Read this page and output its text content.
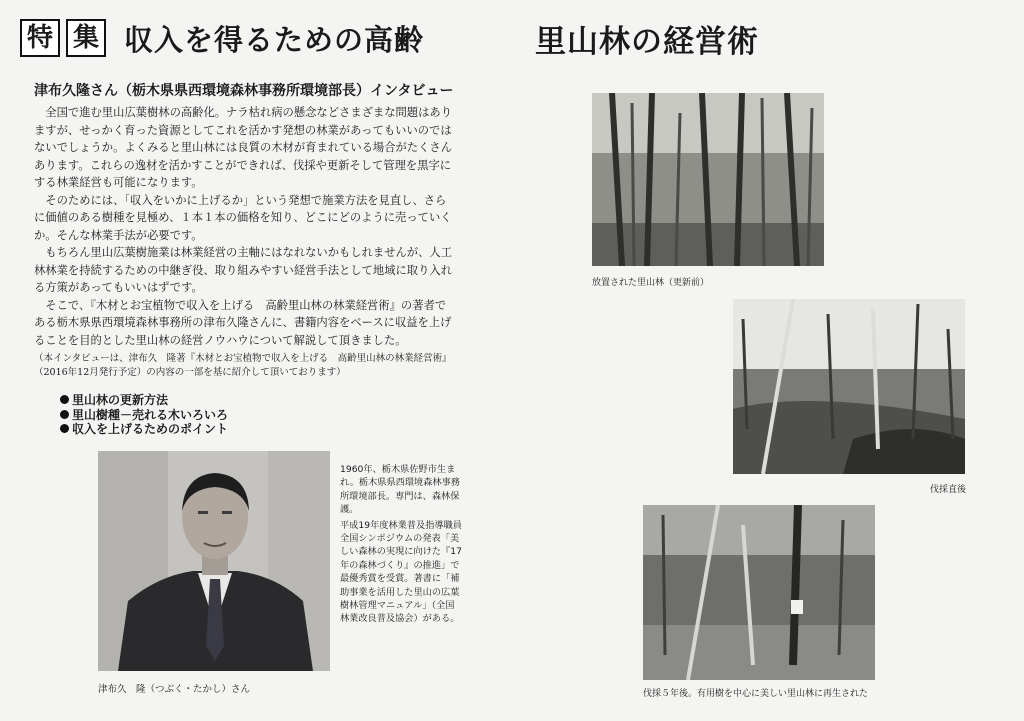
特 集 収入を得るための高齢	里山林の経営術
津布久隆さん（栃木県県西環境森林事務所環境部長）インタビュー

全国で進む里山広葉樹林の高齢化。ナラ枯れ病の懸念などさまざまな問題はありますが、せっかく育った資源としてこれを活かす発想の林業があってもいいのではないでしょうか。よくみると里山林には良質の木材が育まれている場合がたくさんあります。これらの逸材を活かすことができれば、伐採や更新そして管理を黒字にする林業経営も可能になります。

そのためには、「収入をいかに上げるか」という発想で施業方法を見直し、さらに価値のある樹種を見極め、１本１本の価格を知り、どこにどのように売っていくか。そんな林業手法が必要です。

もちろん里山広葉樹施業は林業経営の主軸にはなれないかもしれませんが、人工林林業を持続するための中継ぎ役、取り組みやすい経営手法として地域に取り入れる方策があってもいいはずです。

そこで、『木材とお宝植物で収入を上げる　高齢里山林の林業経営術』の著者である栃木県県西環境森林事務所の津布久隆さんに、書籍内容をベースに収益を上げることを目的とした里山林の経営ノウハウについて解説して頂きました。

（本インタビューは、津布久　隆著『木材とお宝植物で収入を上げる　高齢里山林の林業経営術』
（2016年12月発行予定）の内容の一部を基に紹介して頂いております）
里山林の更新方法
里山樹種－売れる木いろいろ
収入を上げるためのポイント
津布久　隆（つぶく・たかし）さん

1960年、栃木県佐野市生まれ。栃木県県西環境森林事務所環境部長。専門は、森林保護。

平成19年度林業普及指導職員全国シンポジウムの発表「美しい森林の実現に向けた『17年の森林づくり』の推進」で最優秀賞を受賞。著書に「補助事業を活用した里山の広葉樹林管理マニュアル」（全国林業改良普及協会）がある。

放置された里山林（更新前）
伐採直後
伐採５年後。有用樹を中心に美しい里山林に再生された
